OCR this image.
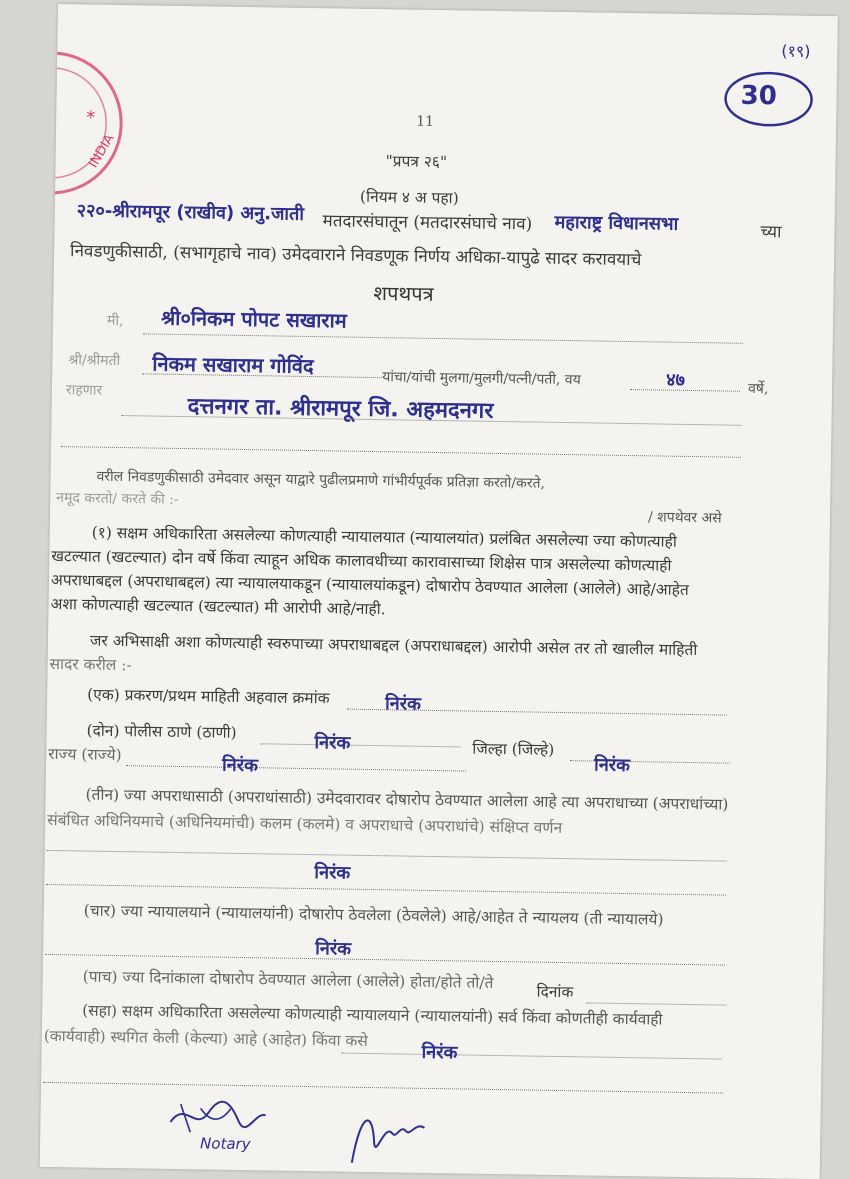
INDIA
*
(१९)
30
11
"प्रपत्र २६"
(नियम ४ अ पहा)
२२०-श्रीरामपूर (राखीव) अनु.जाती मतदारसंघातून (मतदारसंघाचे नाव) महाराष्ट्र विधानसभा	च्या
निवडणुकीसाठी, (सभागृहाचे नाव) उमेदवाराने निवडणूक निर्णय अधिका-यापुढे सादर करावयाचे
शपथपत्र
मी, श्री०निकम पोपट सखाराम
श्री/श्रीमती निकम सखाराम गोविंद
यांचा/यांची मुलगा/मुलगी/पत्नी/पती, वय	४७	वर्षे,
राहणार
दत्तनगर ता. श्रीरामपूर जि. अहमदनगर
वरील निवडणुकीसाठी उमेदवार असून याद्वारे पुढीलप्रमाणे गांभीर्यपूर्वक प्रतिज्ञा करतो/करते,
/ शपथेवर असे
नमूद करतो/ करते की :-
(१) सक्षम अधिकारिता असलेल्या कोणत्याही न्यायालयात (न्यायालयांत) प्रलंबित असलेल्या ज्या कोणत्याही
खटल्यात (खटल्यात) दोन वर्षे किंवा त्याहून अधिक कालावधीच्या कारावासाच्या शिक्षेस पात्र असलेल्या कोणत्याही
अपराधाबद्दल (अपराधाबद्दल) त्या न्यायालयाकडून (न्यायालयांकडून) दोषारोप ठेवण्यात आलेला (आलेले) आहे/आहेत
अशा कोणत्याही खटल्यात (खटल्यात) मी आरोपी आहे/नाही.
जर अभिसाक्षी अशा कोणत्याही स्वरुपाच्या अपराधाबद्दल (अपराधाबद्दल) आरोपी असेल तर तो खालील माहिती
सादर करील :-
(एक) प्रकरण/प्रथम माहिती अहवाल क्रमांक	निरंक
(दोन) पोलीस ठाणे (ठाणी)
निरंक	जिल्हा (जिल्हे)
निरंक
राज्य (राज्ये)
निरंक
(तीन) ज्या अपराधासाठी (अपराधांसाठी) उमेदवारावर दोषारोप ठेवण्यात आलेला आहे त्या अपराधाच्या (अपराधांच्या)
संबंधित अधिनियमाचे (अधिनियमांची) कलम (कलमे) व अपराधाचे (अपराधांचे) संक्षिप्त वर्णन
निरंक
(चार) ज्या न्यायालयाने (न्यायालयांनी) दोषारोप ठेवलेला (ठेवलेले) आहे/आहेत ते न्यायलय (ती न्यायालये)
निरंक
(पाच) ज्या दिनांकाला दोषारोप ठेवण्यात आलेला (आलेले) होता/होते तो/ते	दिनांक
(सहा) सक्षम अधिकारिता असलेल्या कोणत्याही न्यायालयाने (न्यायालयांनी) सर्व किंवा कोणतीही कार्यवाही
(कार्यवाही) स्थगित केली (केल्या) आहे (आहेत) किंवा कसे
निरंक
Notary
